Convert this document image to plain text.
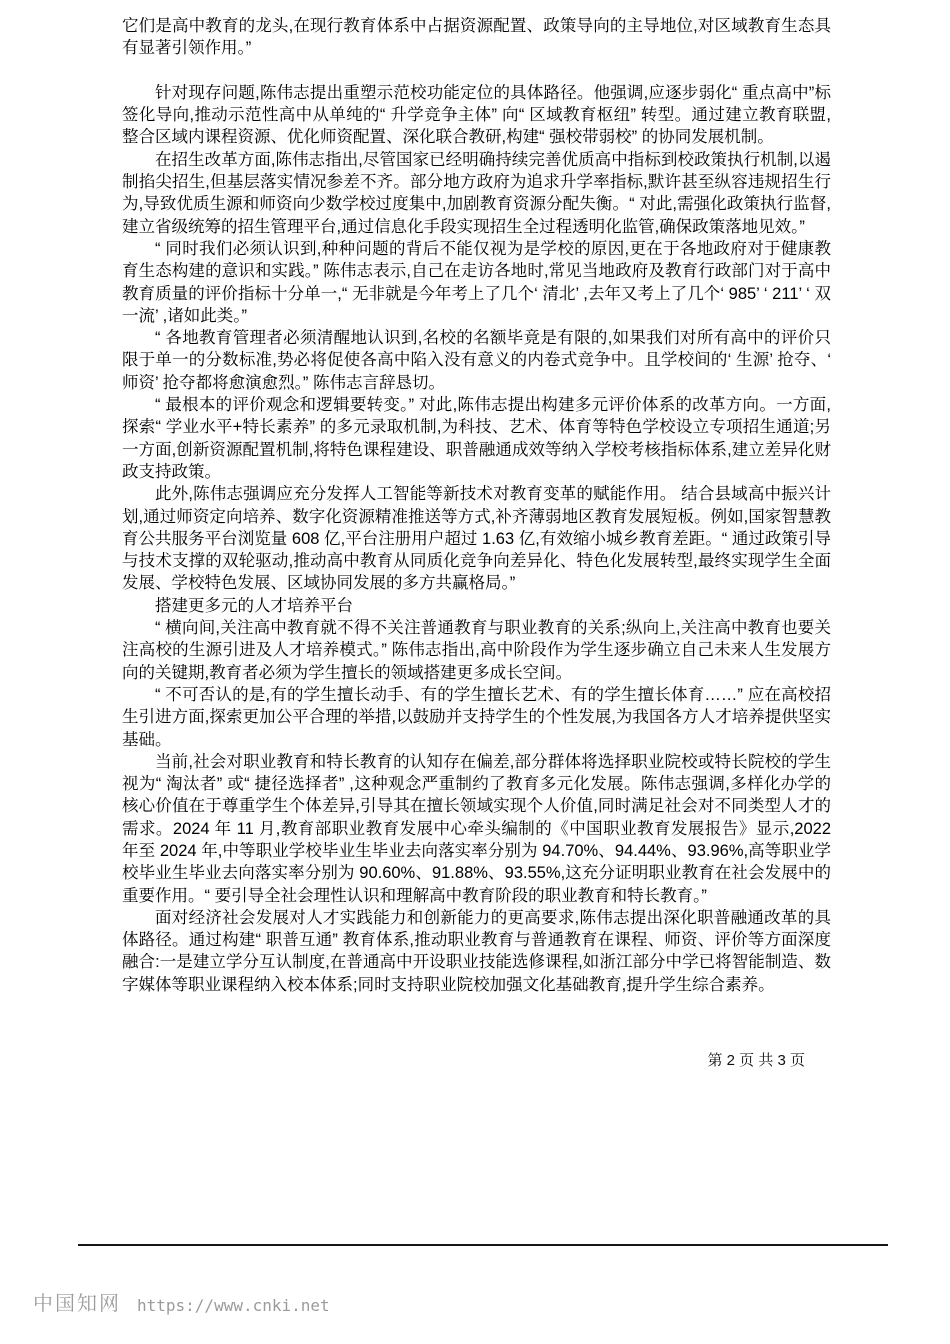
它们是高中教育的龙头,在现行教育体系中占据资源配置、政策导向的主导地位,对区域教育生态具有显著引领作用。”

针对现存问题,陈伟志提出重塑示范校功能定位的具体路径。他强调,应逐步弱化“ 重点高中”标签化导向,推动示范性高中从单纯的“ 升学竞争主体” 向“ 区域教育枢纽” 转型。通过建立教育联盟,整合区域内课程资源、优化师资配置、深化联合教研,构建“ 强校带弱校” 的协同发展机制。

在招生改革方面,陈伟志指出,尽管国家已经明确持续完善优质高中指标到校政策执行机制,以遏制掐尖招生,但基层落实情况参差不齐。部分地方政府为追求升学率指标,默许甚至纵容违规招生行为,导致优质生源和师资向少数学校过度集中,加剧教育资源分配失衡。“ 对此,需强化政策执行监督,建立省级统筹的招生管理平台,通过信息化手段实现招生全过程透明化监管,确保政策落地见效。”

“ 同时我们必须认识到,种种问题的背后不能仅视为是学校的原因,更在于各地政府对于健康教育生态构建的意识和实践。” 陈伟志表示,自己在走访各地时,常见当地政府及教育行政部门对于高中教育质量的评价指标十分单一,“ 无非就是今年考上了几个‘ 清北’ ,去年又考上了几个‘ 985’ ‘ 211’ ‘ 双一流’ ,诸如此类。”

“ 各地教育管理者必须清醒地认识到,名校的名额毕竟是有限的,如果我们对所有高中的评价只限于单一的分数标准,势必将促使各高中陷入没有意义的内卷式竞争中。且学校间的‘ 生源’ 抢夺、‘ 师资’ 抢夺都将愈演愈烈。” 陈伟志言辞恳切。

“ 最根本的评价观念和逻辑要转变。” 对此,陈伟志提出构建多元评价体系的改革方向。一方面,探索“ 学业水平+特长素养” 的多元录取机制,为科技、艺术、体育等特色学校设立专项招生通道;另一方面,创新资源配置机制,将特色课程建设、职普融通成效等纳入学校考核指标体系,建立差异化财政支持政策。

此外,陈伟志强调应充分发挥人工智能等新技术对教育变革的赋能作用。 结合县域高中振兴计划,通过师资定向培养、数字化资源精准推送等方式,补齐薄弱地区教育发展短板。例如,国家智慧教育公共服务平台浏览量 608 亿,平台注册用户超过 1.63 亿,有效缩小城乡教育差距。“ 通过政策引导与技术支撑的双轮驱动,推动高中教育从同质化竞争向差异化、特色化发展转型,最终实现学生全面发展、学校特色发展、区域协同发展的多方共赢格局。”

搭建更多元的人才培养平台

“ 横向间,关注高中教育就不得不关注普通教育与职业教育的关系;纵向上,关注高中教育也要关注高校的生源引进及人才培养模式。” 陈伟志指出,高中阶段作为学生逐步确立自己未来人生发展方向的关键期,教育者必须为学生擅长的领域搭建更多成长空间。

“ 不可否认的是,有的学生擅长动手、有的学生擅长艺术、有的学生擅长体育……” 应在高校招生引进方面,探索更加公平合理的举措,以鼓励并支持学生的个性发展,为我国各方人才培养提供坚实基础。

当前,社会对职业教育和特长教育的认知存在偏差,部分群体将选择职业院校或特长院校的学生视为“ 淘汰者” 或“ 捷径选择者” ,这种观念严重制约了教育多元化发展。陈伟志强调,多样化办学的核心价值在于尊重学生个体差异,引导其在擅长领域实现个人价值,同时满足社会对不同类型人才的需求。2024 年 11 月,教育部职业教育发展中心牵头编制的《中国职业教育发展报告》显示,2022 年至 2024 年,中等职业学校毕业生毕业去向落实率分别为 94.70%、94.44%、93.96%,高等职业学校毕业生毕业去向落实率分别为 90.60%、91.88%、93.55%,这充分证明职业教育在社会发展中的重要作用。“ 要引导全社会理性认识和理解高中教育阶段的职业教育和特长教育。”

面对经济社会发展对人才实践能力和创新能力的更高要求,陈伟志提出深化职普融通改革的具体路径。通过构建“ 职普互通” 教育体系,推动职业教育与普通教育在课程、师资、评价等方面深度融合:一是建立学分互认制度,在普通高中开设职业技能选修课程,如浙江部分中学已将智能制造、数字媒体等职业课程纳入校本体系;同时支持职业院校加强文化基础教育,提升学生综合素养。

第 2 页 共 3 页
中国知网 https://www.cnki.net
